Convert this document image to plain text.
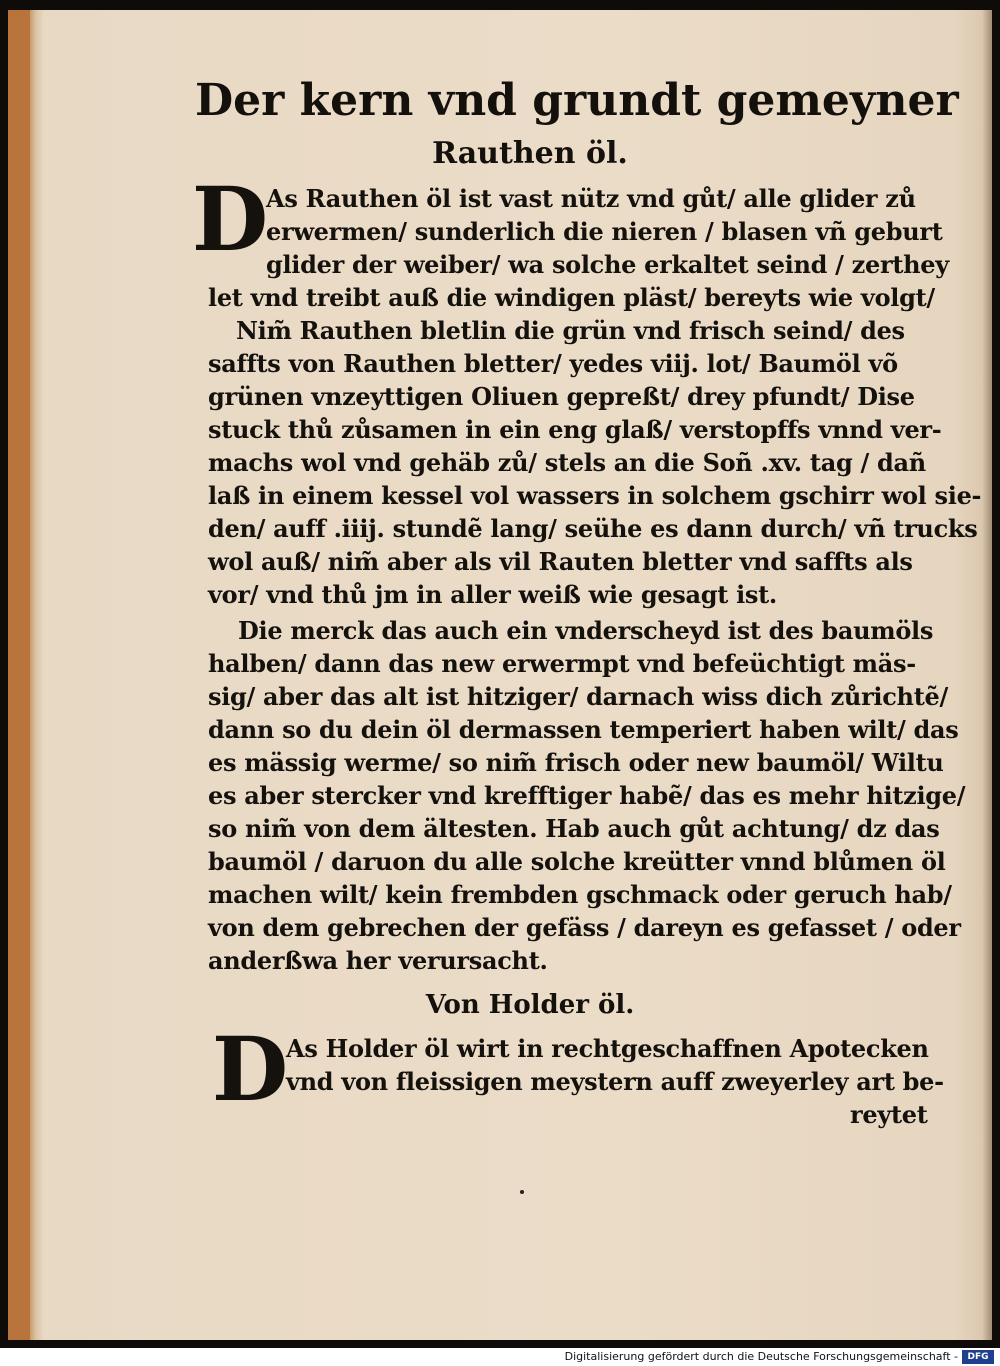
Der kern vnd grundt gemeyner
Rauthen öl.
D
As Rauthen öl ist vast nütz vnd gůt/ alle glider zů
erwermen/ sunderlich die nieren / blasen vñ geburt
glider der weiber/ wa solche erkaltet seind / zerthey
let vnd treibt auß die windigen pläst/ bereyts wie volgt/
Nim̃ Rauthen bletlin die grün vnd frisch seind/ des
saffts von Rauthen bletter/ yedes viij. lot/ Baumöl võ
grünen vnzeyttigen Oliuen gepreßt/ drey pfundt/ Dise
stuck thů zůsamen in ein eng glaß/ verstopffs vnnd ver-
machs wol vnd gehäb zů/ stels an die Soñ .xv. tag / dañ
laß in einem kessel vol wassers in solchem gschirr wol sie-
den/ auff .iiij. stundẽ lang/ seühe es dann durch/ vñ trucks
wol auß/ nim̃ aber als vil Rauten bletter vnd saffts als
vor/ vnd thů jm in aller weiß wie gesagt ist.
Die merck das auch ein vnderscheyd ist des baumöls
halben/ dann das new erwermpt vnd befeüchtigt mäs-
sig/ aber das alt ist hitziger/ darnach wiss dich zůrichtẽ/
dann so du dein öl dermassen temperiert haben wilt/ das
es mässig werme/ so nim̃ frisch oder new baumöl/ Wiltu
es aber stercker vnd krefftiger habẽ/ das es mehr hitzige/
so nim̃ von dem ältesten. Hab auch gůt achtung/ dz das
baumöl / daruon du alle solche kreütter vnnd blůmen öl
machen wilt/ kein frembden gschmack oder geruch hab/
von dem gebrechen der gefäss / dareyn es gefasset / oder
anderßwa her verursacht.
Von Holder öl.
D
As Holder öl wirt in rechtgeschaffnen Apotecken
vnd von fleissigen meystern auff zweyerley art be-
reytet
Digitalisierung gefördert durch die Deutsche Forschungsgemeinschaft -	DFG
